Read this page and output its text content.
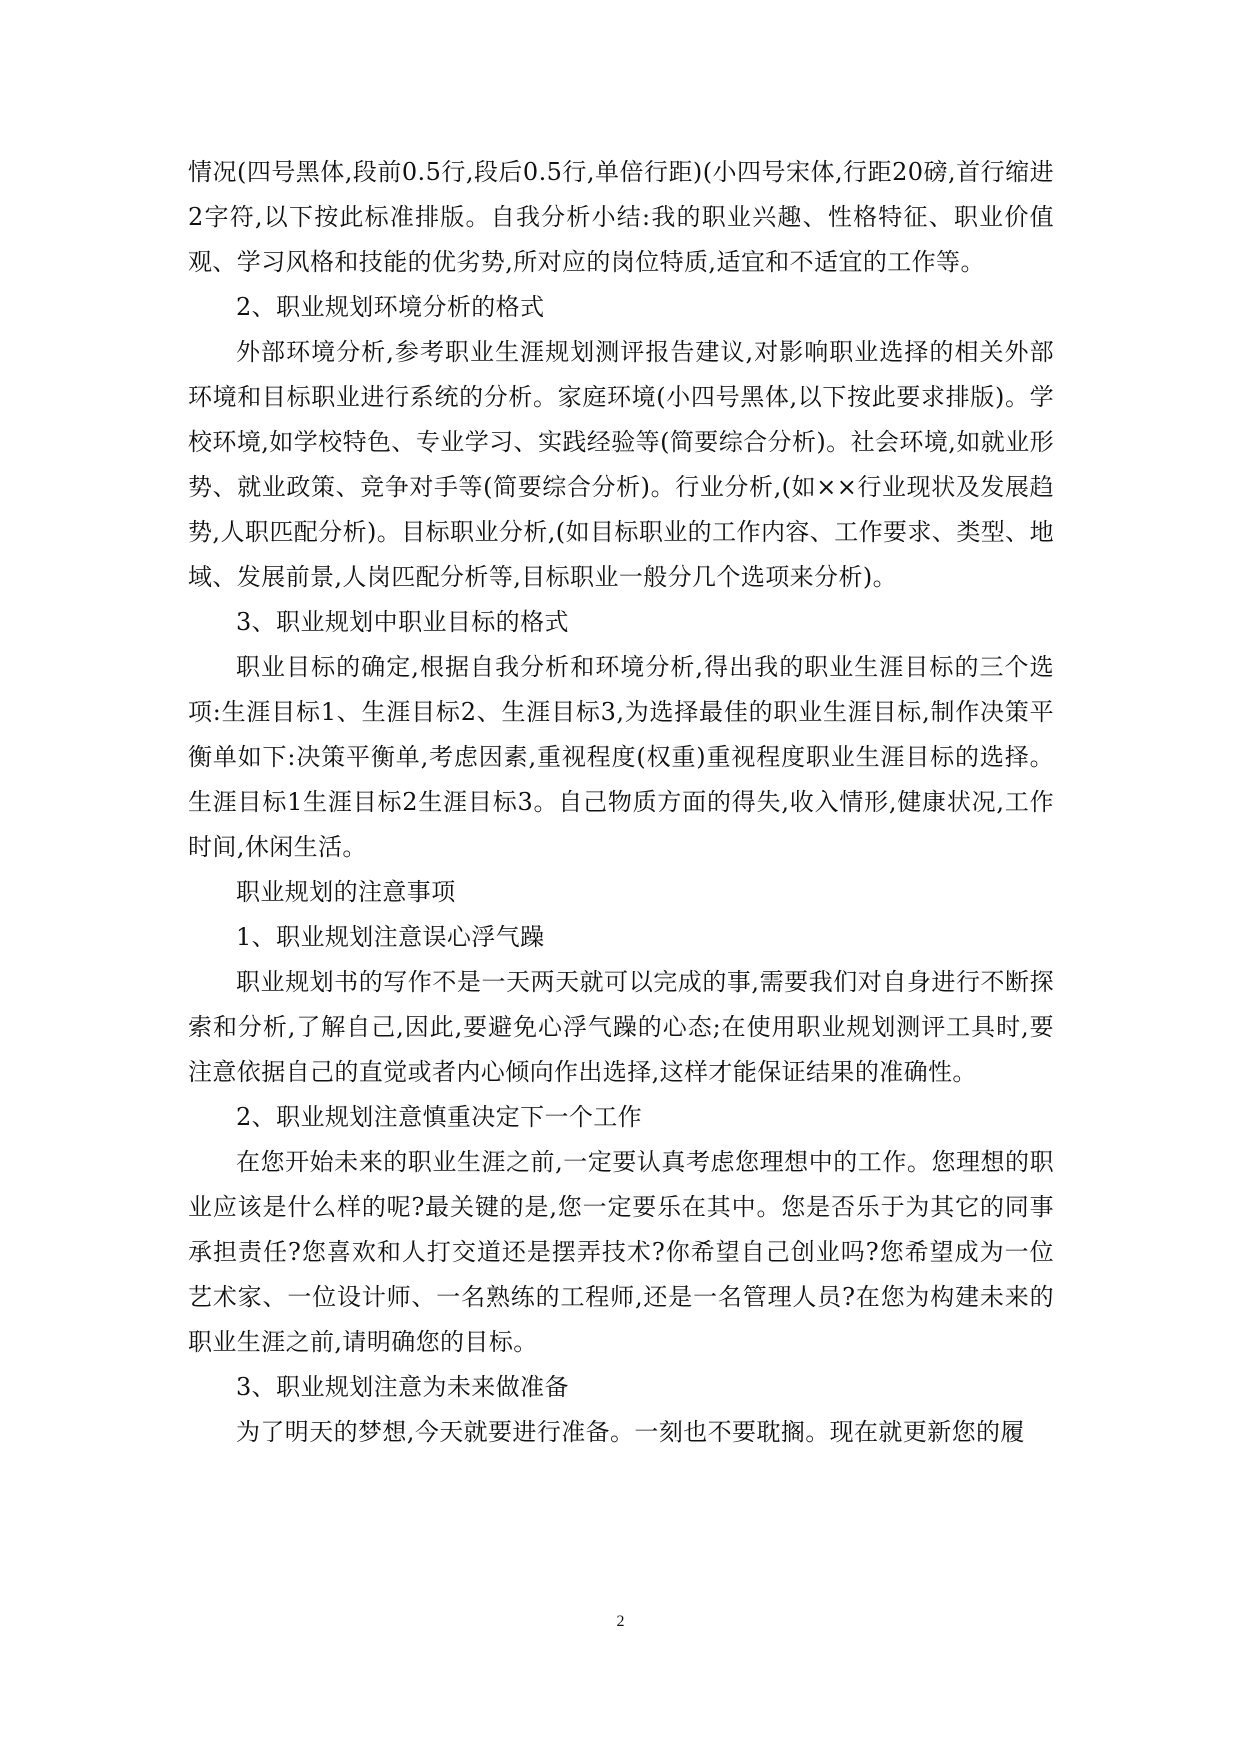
情况(四号黑体,段前0.5行,段后0.5行,单倍行距)(小四号宋体,行距20磅,首行缩进2字符,以下按此标准排版。自我分析小结:我的职业兴趣、性格特征、职业价值观、学习风格和技能的优劣势,所对应的岗位特质,适宜和不适宜的工作等。

2、职业规划环境分析的格式

外部环境分析,参考职业生涯规划测评报告建议,对影响职业选择的相关外部环境和目标职业进行系统的分析。家庭环境(小四号黑体,以下按此要求排版)。学校环境,如学校特色、专业学习、实践经验等(简要综合分析)。社会环境,如就业形势、就业政策、竞争对手等(简要综合分析)。行业分析,(如××行业现状及发展趋势,人职匹配分析)。目标职业分析,(如目标职业的工作内容、工作要求、类型、地域、发展前景,人岗匹配分析等,目标职业一般分几个选项来分析)。

3、职业规划中职业目标的格式

职业目标的确定,根据自我分析和环境分析,得出我的职业生涯目标的三个选项:生涯目标1、生涯目标2、生涯目标3,为选择最佳的职业生涯目标,制作决策平衡单如下:决策平衡单,考虑因素,重视程度(权重)重视程度职业生涯目标的选择。生涯目标1生涯目标2生涯目标3。自己物质方面的得失,收入情形,健康状况,工作时间,休闲生活。

职业规划的注意事项

1、职业规划注意误心浮气躁

职业规划书的写作不是一天两天就可以完成的事,需要我们对自身进行不断探索和分析,了解自己,因此,要避免心浮气躁的心态;在使用职业规划测评工具时,要注意依据自己的直觉或者内心倾向作出选择,这样才能保证结果的准确性。

2、职业规划注意慎重决定下一个工作

在您开始未来的职业生涯之前,一定要认真考虑您理想中的工作。您理想的职业应该是什么样的呢?最关键的是,您一定要乐在其中。您是否乐于为其它的同事承担责任?您喜欢和人打交道还是摆弄技术?你希望自己创业吗?您希望成为一位艺术家、一位设计师、一名熟练的工程师,还是一名管理人员?在您为构建未来的职业生涯之前,请明确您的目标。

3、职业规划注意为未来做准备

为了明天的梦想,今天就要进行准备。一刻也不要耽搁。现在就更新您的履

2
